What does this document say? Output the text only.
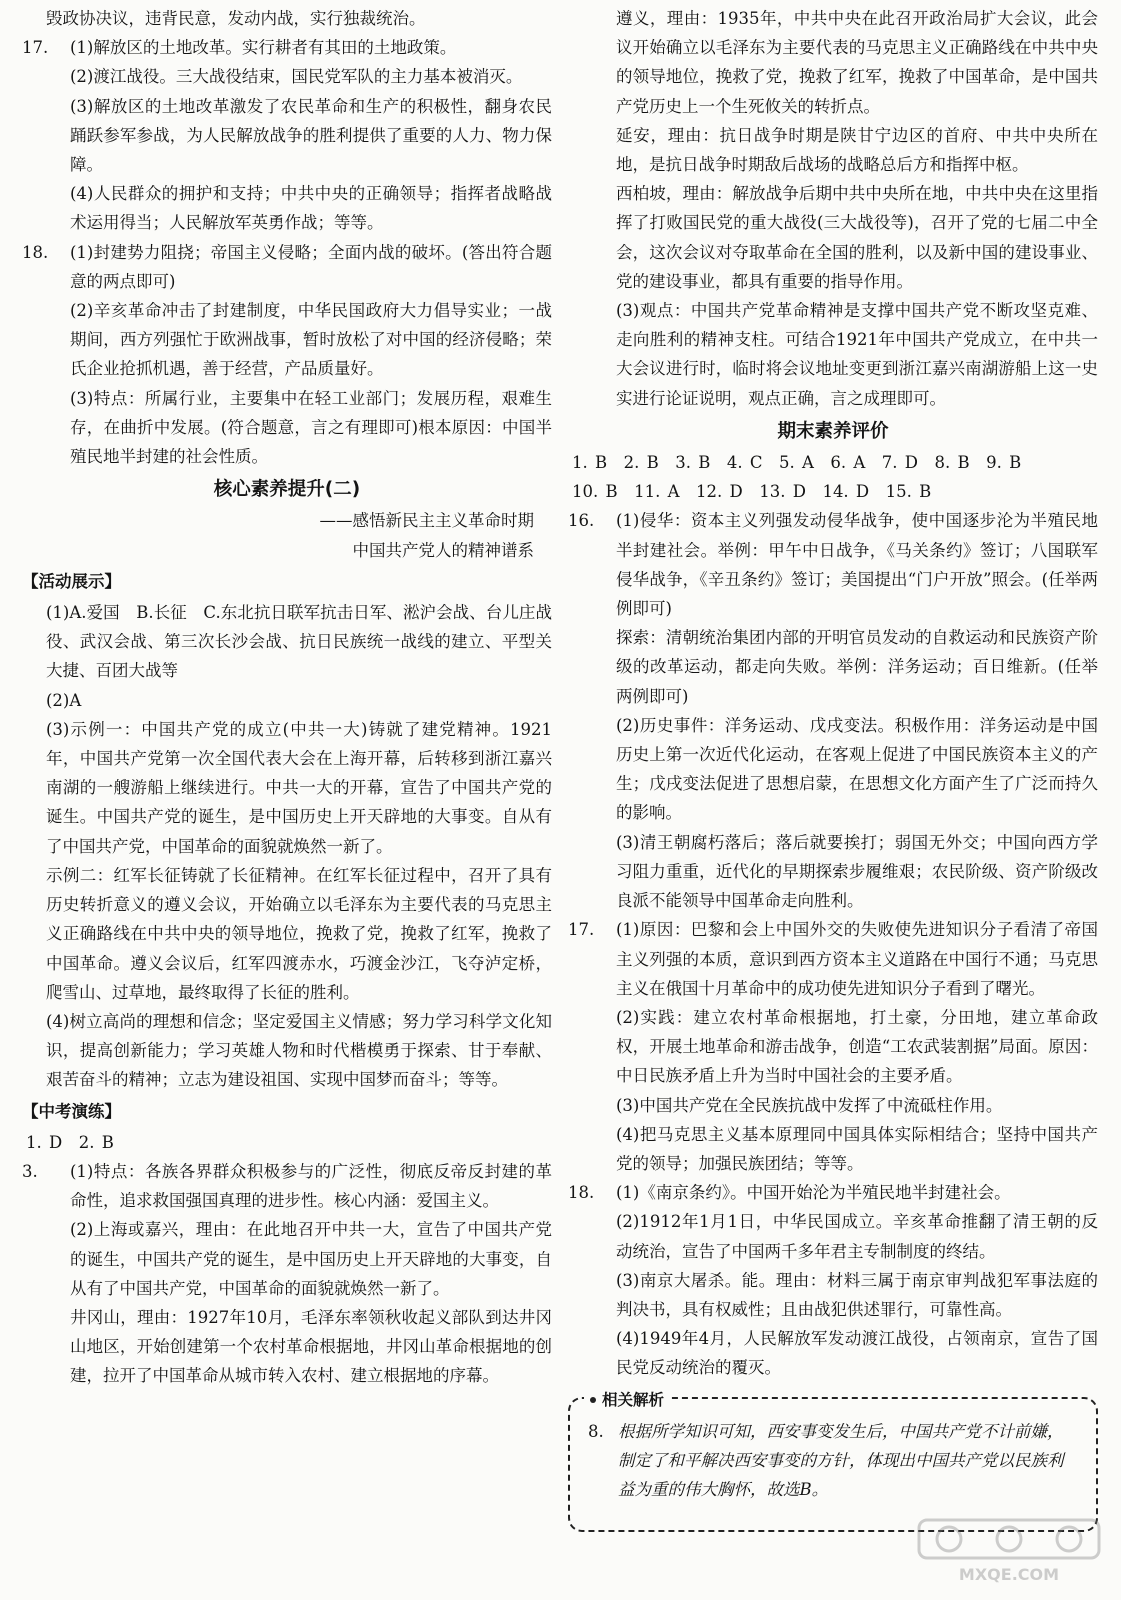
毁政协决议，违背民意，发动内战，实行独裁统治。

17. (1)解放区的土地改革。实行耕者有其田的土地政策。

(2)渡江战役。三大战役结束，国民党军队的主力基本被消灭。

(3)解放区的土地改革激发了农民革命和生产的积极性，翻身农民踊跃参军参战，为人民解放战争的胜利提供了重要的人力、物力保障。

(4)人民群众的拥护和支持；中共中央的正确领导；指挥者战略战术运用得当；人民解放军英勇作战；等等。

18. (1)封建势力阻挠；帝国主义侵略；全面内战的破坏。(答出符合题意的两点即可)

(2)辛亥革命冲击了封建制度，中华民国政府大力倡导实业；一战期间，西方列强忙于欧洲战事，暂时放松了对中国的经济侵略；荣氏企业抢抓机遇，善于经营，产品质量好。

(3)特点：所属行业，主要集中在轻工业部门；发展历程，艰难生存，在曲折中发展。(符合题意，言之有理即可)根本原因：中国半殖民地半封建的社会性质。

核心素养提升(二)

——感悟新民主主义革命时期

中国共产党人的精神谱系

【活动展示】

(1)A.爱国　B.长征　C.东北抗日联军抗击日军、淞沪会战、台儿庄战役、武汉会战、第三次长沙会战、抗日民族统一战线的建立、平型关大捷、百团大战等

(2)A

(3)示例一：中国共产党的成立(中共一大)铸就了建党精神。1921年，中国共产党第一次全国代表大会在上海开幕，后转移到浙江嘉兴南湖的一艘游船上继续进行。中共一大的开幕，宣告了中国共产党的诞生。中国共产党的诞生，是中国历史上开天辟地的大事变。自从有了中国共产党，中国革命的面貌就焕然一新了。

示例二：红军长征铸就了长征精神。在红军长征过程中，召开了具有历史转折意义的遵义会议，开始确立以毛泽东为主要代表的马克思主义正确路线在中共中央的领导地位，挽救了党，挽救了红军，挽救了中国革命。遵义会议后，红军四渡赤水，巧渡金沙江，飞夺泸定桥，爬雪山、过草地，最终取得了长征的胜利。

(4)树立高尚的理想和信念；坚定爱国主义情感；努力学习科学文化知识，提高创新能力；学习英雄人物和时代楷模勇于探索、甘于奉献、艰苦奋斗的精神；立志为建设祖国、实现中国梦而奋斗；等等。

【中考演练】

1. D　2. B

3. (1)特点：各族各界群众积极参与的广泛性，彻底反帝反封建的革命性，追求救国强国真理的进步性。核心内涵：爱国主义。

(2)上海或嘉兴，理由：在此地召开中共一大，宣告了中国共产党的诞生，中国共产党的诞生，是中国历史上开天辟地的大事变，自从有了中国共产党，中国革命的面貌就焕然一新了。

井冈山，理由：1927年10月，毛泽东率领秋收起义部队到达井冈山地区，开始创建第一个农村革命根据地，井冈山革命根据地的创建，拉开了中国革命从城市转入农村、建立根据地的序幕。

遵义，理由：1935年，中共中央在此召开政治局扩大会议，此会议开始确立以毛泽东为主要代表的马克思主义正确路线在中共中央的领导地位，挽救了党，挽救了红军，挽救了中国革命，是中国共产党历史上一个生死攸关的转折点。

延安，理由：抗日战争时期是陕甘宁边区的首府、中共中央所在地，是抗日战争时期敌后战场的战略总后方和指挥中枢。

西柏坡，理由：解放战争后期中共中央所在地，中共中央在这里指挥了打败国民党的重大战役(三大战役等)，召开了党的七届二中全会，这次会议对夺取革命在全国的胜利，以及新中国的建设事业、党的建设事业，都具有重要的指导作用。

(3)观点：中国共产党革命精神是支撑中国共产党不断攻坚克难、走向胜利的精神支柱。可结合1921年中国共产党成立，在中共一大会议进行时，临时将会议地址变更到浙江嘉兴南湖游船上这一史实进行论证说明，观点正确，言之成理即可。

期末素养评价

1. B　2. B　3. B　4. C　5. A　6. A　7. D　8. B　9. B

10. B　11. A　12. D　13. D　14. D　15. B

16. (1)侵华：资本主义列强发动侵华战争，使中国逐步沦为半殖民地半封建社会。举例：甲午中日战争，《马关条约》签订；八国联军侵华战争，《辛丑条约》签订；美国提出“门户开放”照会。(任举两例即可)

探索：清朝统治集团内部的开明官员发动的自救运动和民族资产阶级的改革运动，都走向失败。举例：洋务运动；百日维新。(任举两例即可)

(2)历史事件：洋务运动、戊戌变法。积极作用：洋务运动是中国历史上第一次近代化运动，在客观上促进了中国民族资本主义的产生；戊戌变法促进了思想启蒙，在思想文化方面产生了广泛而持久的影响。

(3)清王朝腐朽落后；落后就要挨打；弱国无外交；中国向西方学习阻力重重，近代化的早期探索步履维艰；农民阶级、资产阶级改良派不能领导中国革命走向胜利。

17. (1)原因：巴黎和会上中国外交的失败使先进知识分子看清了帝国主义列强的本质，意识到西方资本主义道路在中国行不通；马克思主义在俄国十月革命中的成功使先进知识分子看到了曙光。

(2)实践：建立农村革命根据地，打土豪，分田地，建立革命政权，开展土地革命和游击战争，创造“工农武装割据”局面。原因：中日民族矛盾上升为当时中国社会的主要矛盾。

(3)中国共产党在全民族抗战中发挥了中流砥柱作用。

(4)把马克思主义基本原理同中国具体实际相结合；坚持中国共产党的领导；加强民族团结；等等。

18. (1)《南京条约》。中国开始沦为半殖民地半封建社会。

(2)1912年1月1日，中华民国成立。辛亥革命推翻了清王朝的反动统治，宣告了中国两千多年君主专制制度的终结。

(3)南京大屠杀。能。理由：材料三属于南京审判战犯军事法庭的判决书，具有权威性；且由战犯供述罪行，可靠性高。

(4)1949年4月，人民解放军发动渡江战役，占领南京，宣告了国民党反动统治的覆灭。

相关解析
8. 根据所学知识可知，西安事变发生后，中国共产党不计前嫌，制定了和平解决西安事变的方针，体现出中国共产党以民族利益为重的伟大胸怀，故选B。
MXQE.COM
